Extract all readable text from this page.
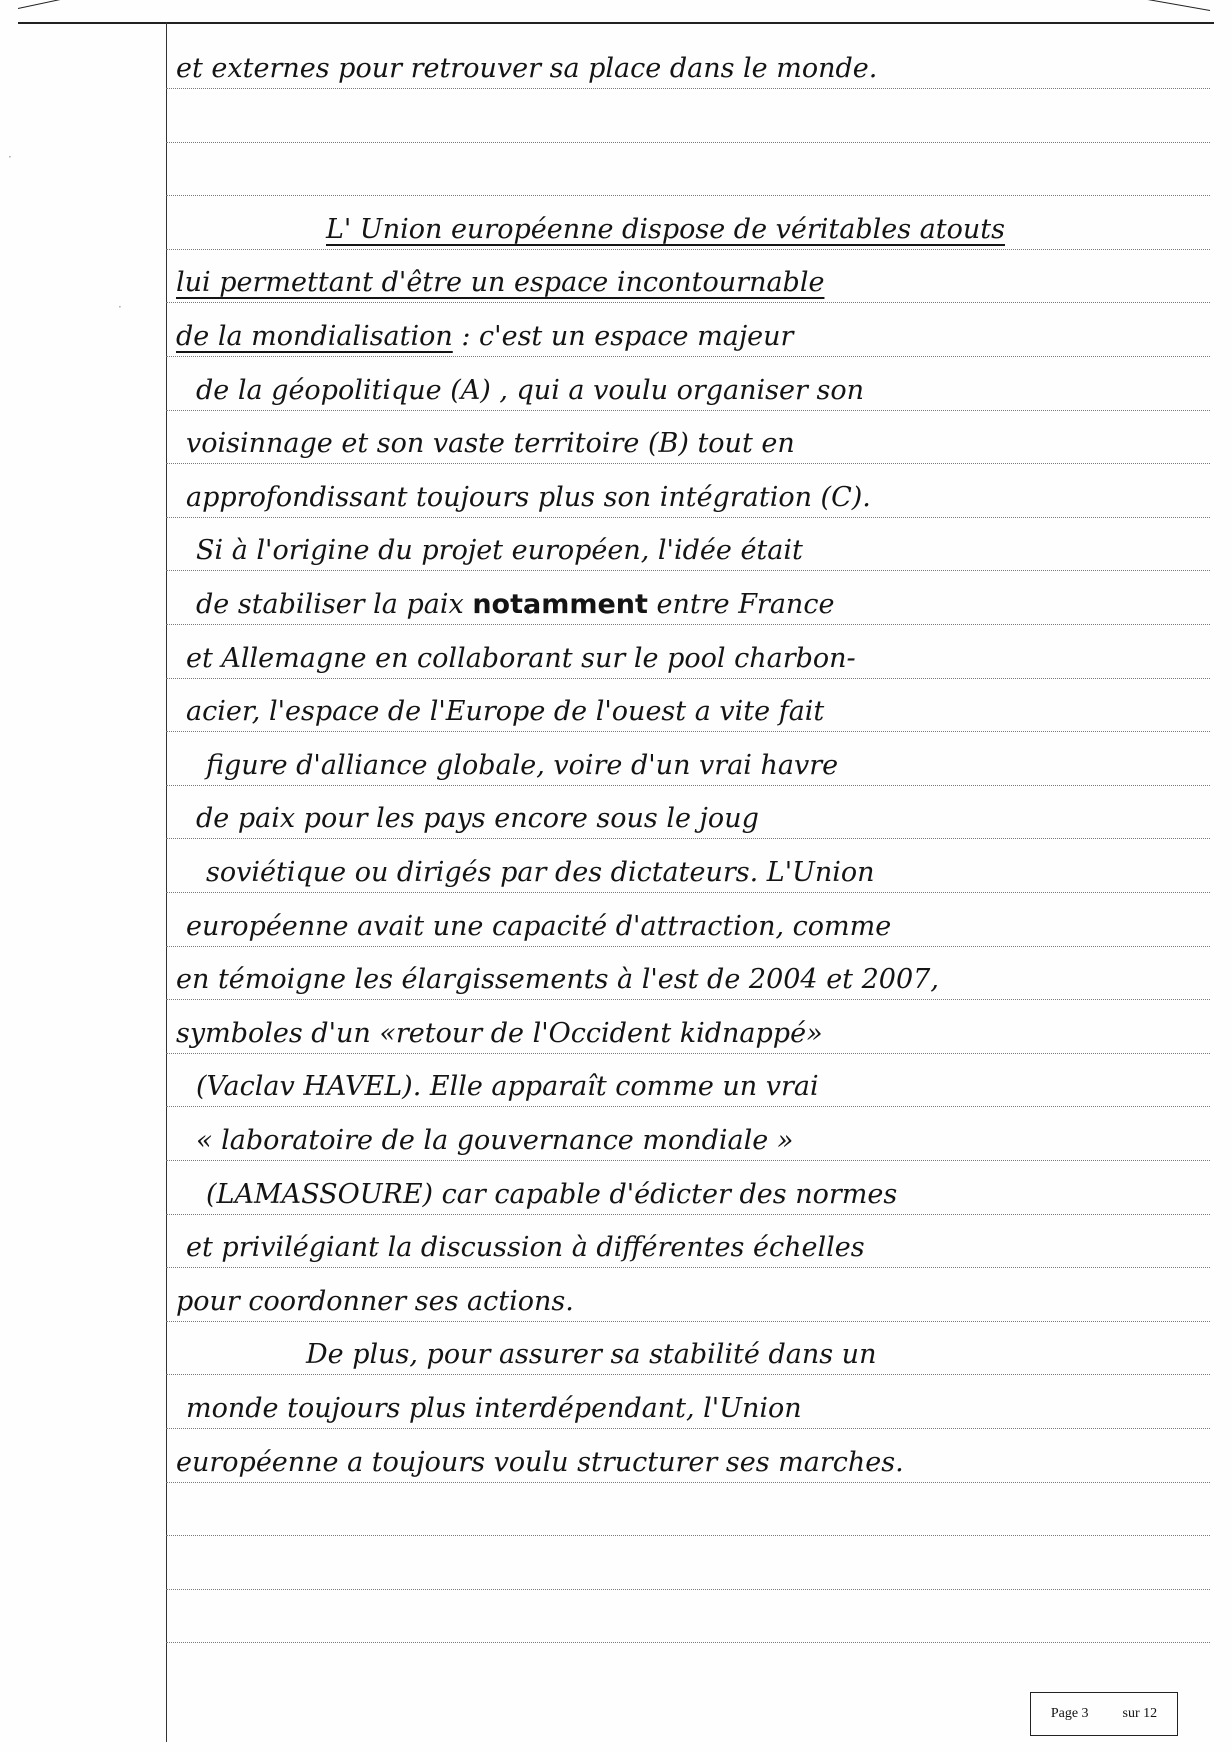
et externes pour retrouver sa place dans le monde.
L' Union européenne dispose de véritables atouts
lui permettant d'être un espace incontournable
de la mondialisation : c'est un espace majeur
de la géopolitique (A) , qui a voulu organiser son
voisinnage et son vaste territoire (B) tout en
approfondissant toujours plus son intégration (C).
Si à l'origine du projet européen, l'idée était
de stabiliser la paix notamment entre France
et Allemagne en collaborant sur le pool charbon-
acier, l'espace de l'Europe de l'ouest a vite fait
figure d'alliance globale, voire d'un vrai havre
de paix pour les pays encore sous le joug
soviétique ou dirigés par des dictateurs. L'Union
européenne avait une capacité d'attraction, comme
en témoigne les élargissements à l'est de 2004 et 2007,
symboles d'un «retour de l'Occident kidnappé»
(Vaclav HAVEL). Elle apparaît comme un vrai
« laboratoire de la gouvernance mondiale »
(LAMASSOURE) car capable d'édicter des normes
et privilégiant la discussion à différentes échelles
pour coordonner ses actions.
De plus, pour assurer sa stabilité dans un
monde toujours plus interdépendant, l'Union
européenne a toujours voulu structurer ses marches.
·
·
Page 3 sur 12
